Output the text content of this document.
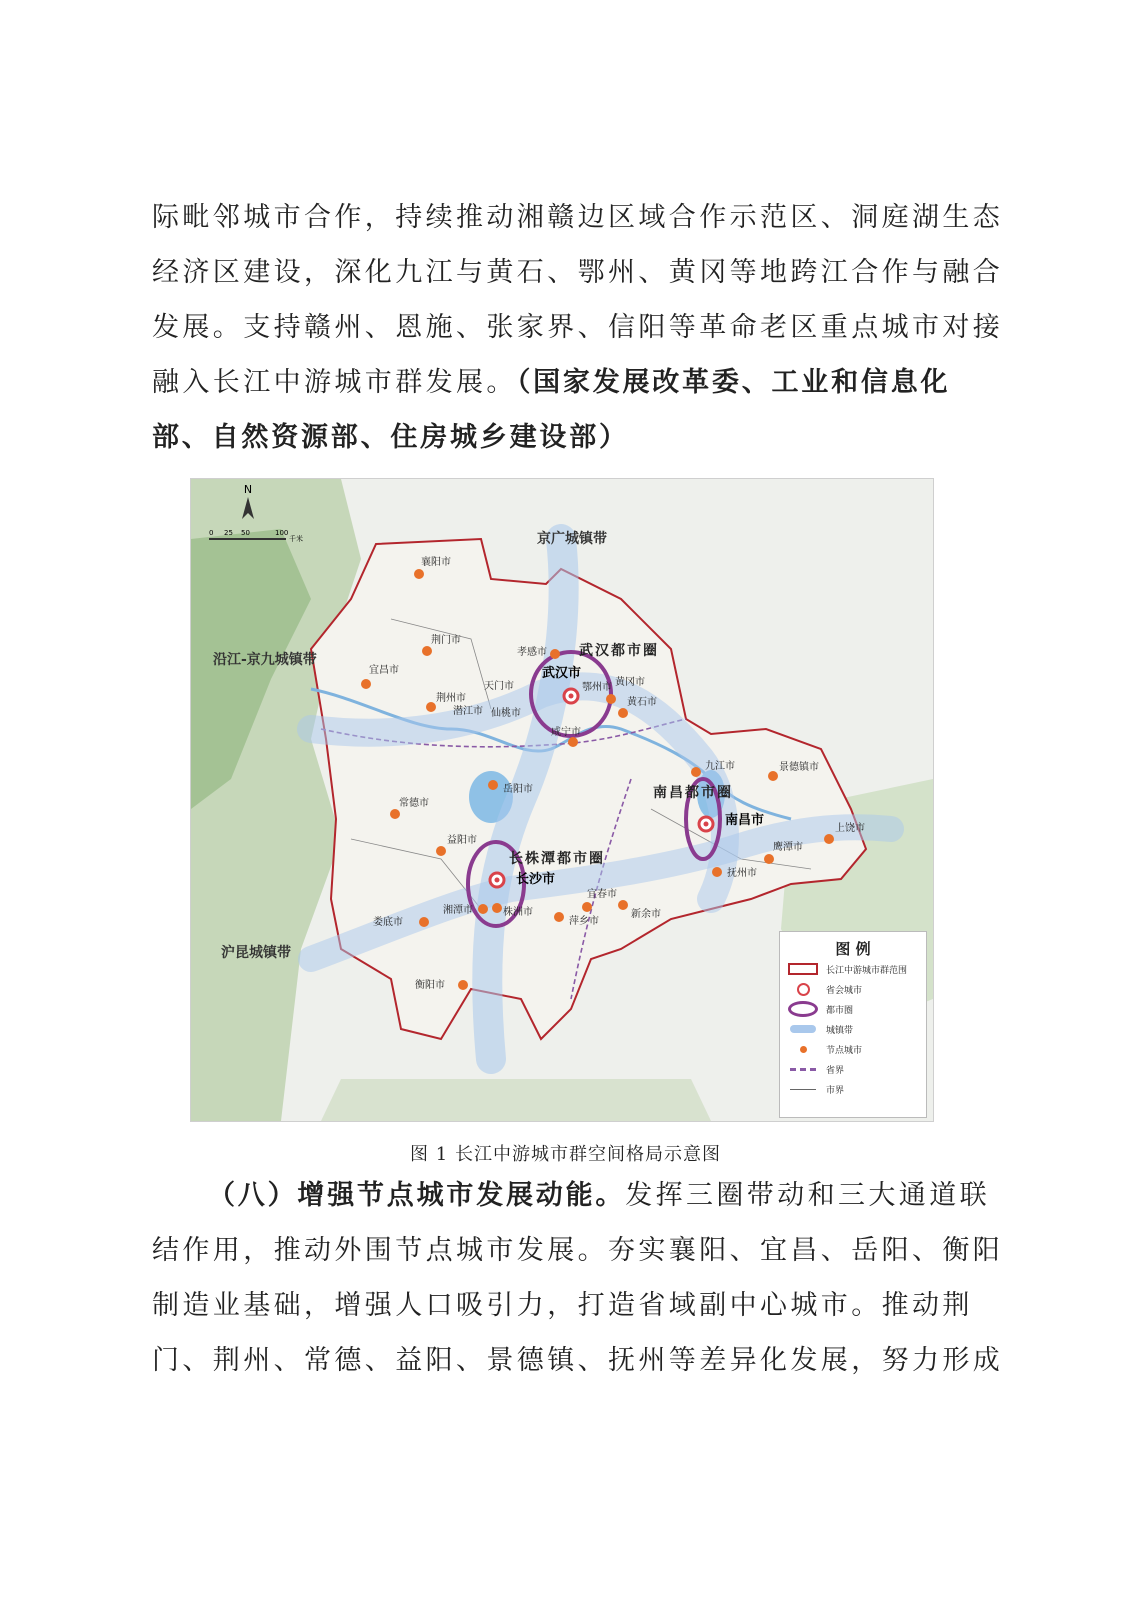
际毗邻城市合作，持续推动湘赣边区域合作示范区、洞庭湖生态

经济区建设，深化九江与黄石、鄂州、黄冈等地跨江合作与融合

发展。支持赣州、恩施、张家界、信阳等革命老区重点城市对接

融入长江中游城市群发展。（国家发展改革委、工业和信息化

部、自然资源部、住房城乡建设部）

N
0 25 50	100
千米	京广城镇带
沿江-京九城镇带
沪昆城镇带
武汉都市圈
南昌都市圈
长株潭都市圈
武汉市
南昌市
长沙市
襄阳市
荆门市
宜昌市
孝感市
天门市
荆州市
潜江市 仙桃市
鄂州市 黄冈市
黄石市
咸宁市
岳阳市
常德市
益阳市
湘潭市	株洲市
娄底市
衡阳市
宜春市
萍乡市
新余市
九江市	景德镇市
鹰潭市
上饶市
抚州市
图 例
长江中游城市群范围
省会城市
都市圈
城镇带
节点城市
省界
市界
图 1 长江中游城市群空间格局示意图

（八）增强节点城市发展动能。发挥三圈带动和三大通道联

结作用，推动外围节点城市发展。夯实襄阳、宜昌、岳阳、衡阳

制造业基础，增强人口吸引力，打造省域副中心城市。推动荆

门、荆州、常德、益阳、景德镇、抚州等差异化发展，努力形成
